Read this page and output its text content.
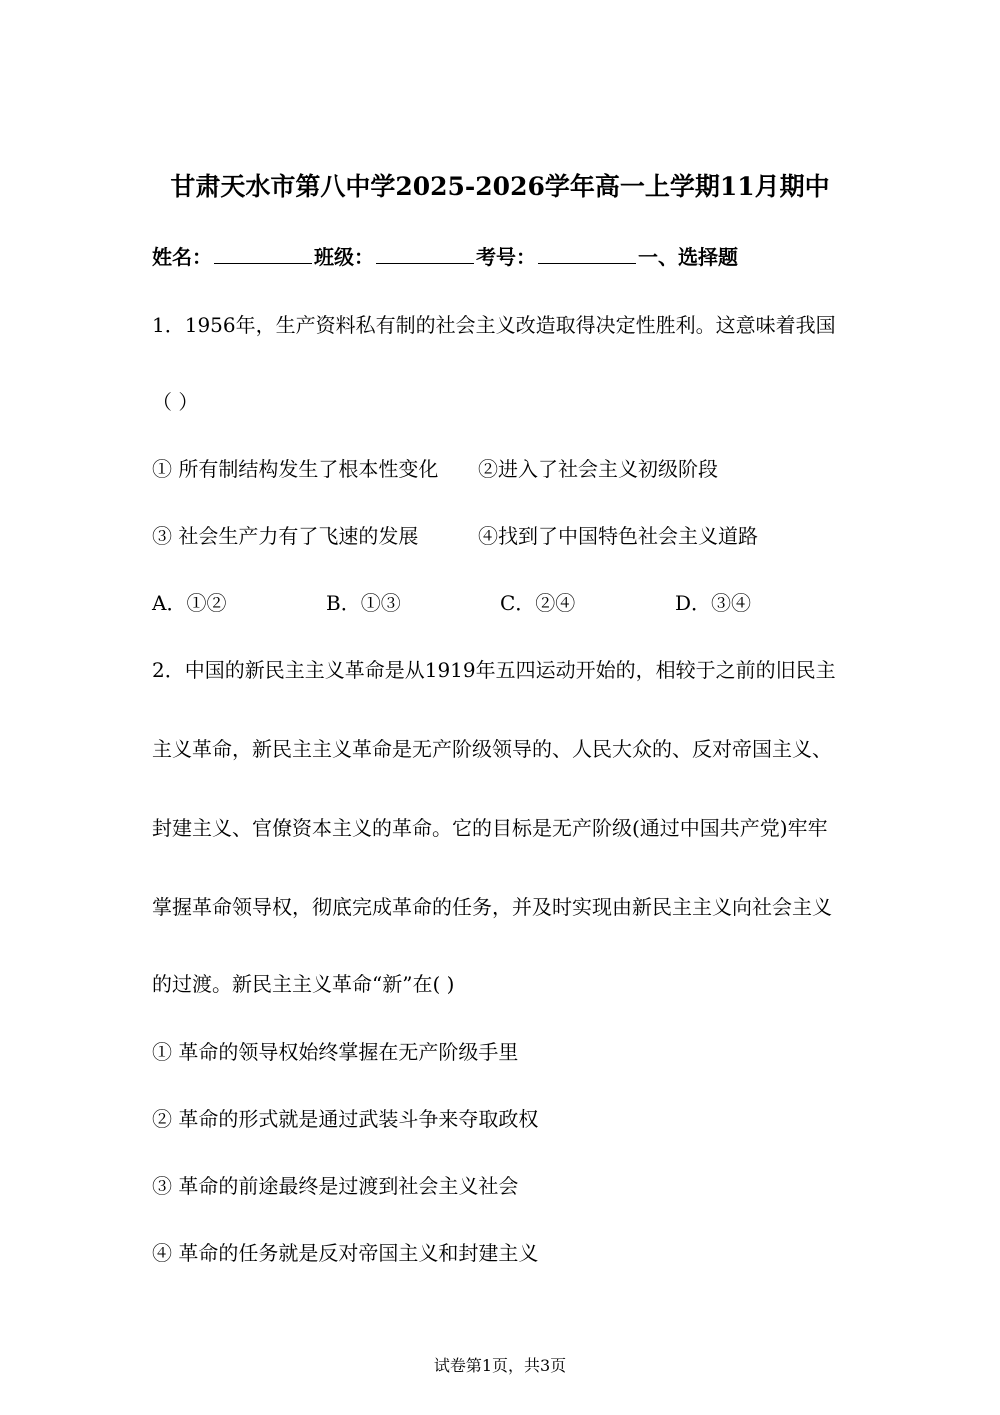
甘肃天水市第八中学2025-2026学年高一上学期11月期中
姓名：	班级：	考号：	一、选择题
1．1956年，生产资料私有制的社会主义改造取得决定性胜利。这意味着我国
（ ）
① 所有制结构发生了根本性变化 ②进入了社会主义初级阶段
③ 社会生产力有了飞速的发展	④找到了中国特色社会主义道路
A．①②	B．①③	C．②④	D．③④
2．中国的新民主主义革命是从1919年五四运动开始的，相较于之前的旧民主
主义革命，新民主主义革命是无产阶级领导的、人民大众的、反对帝国主义、
封建主义、官僚资本主义的革命。它的目标是无产阶级(通过中国共产党)牢牢
掌握革命领导权，彻底完成革命的任务，并及时实现由新民主主义向社会主义
的过渡。新民主主义革命“新”在( )
① 革命的领导权始终掌握在无产阶级手里
② 革命的形式就是通过武装斗争来夺取政权
③ 革命的前途最终是过渡到社会主义社会
④ 革命的任务就是反对帝国主义和封建主义
试卷第1页，共3页
